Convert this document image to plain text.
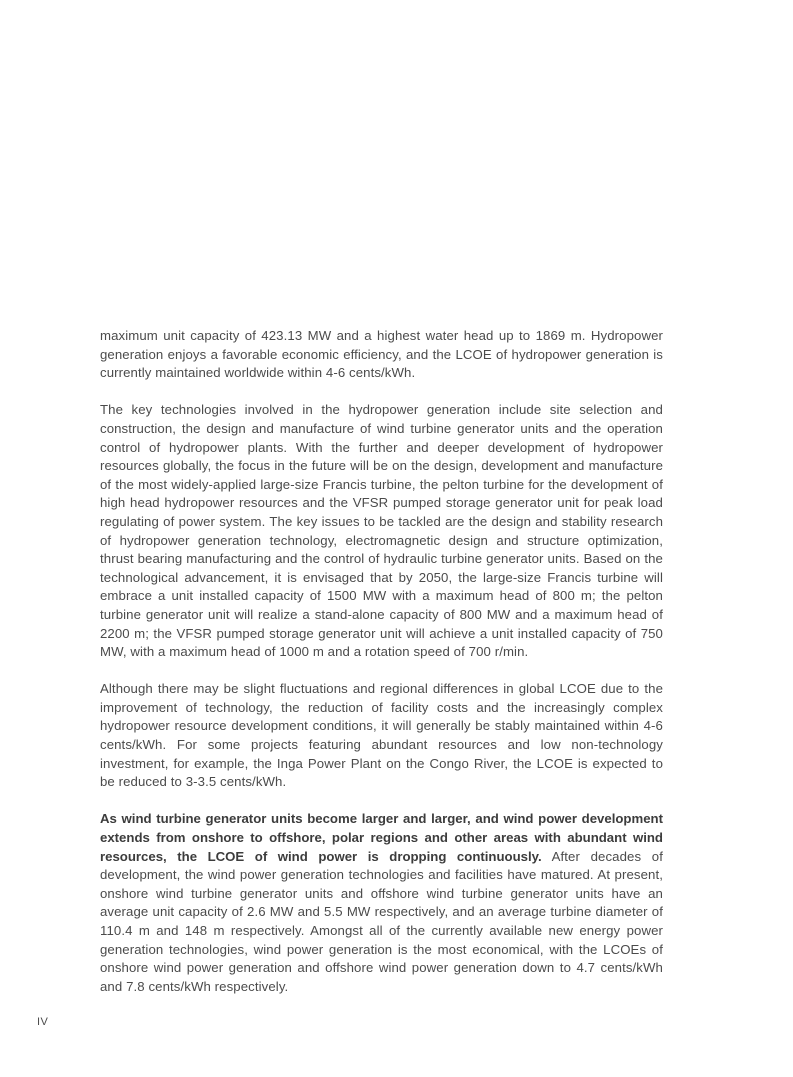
maximum unit capacity of 423.13 MW and a highest water head up to 1869 m. Hydropower generation enjoys a favorable economic efficiency, and the LCOE of hydropower generation is currently maintained worldwide within 4-6 cents/kWh.

The key technologies involved in the hydropower generation include site selection and construction, the design and manufacture of wind turbine generator units and the operation control of hydropower plants. With the further and deeper development of hydropower resources globally, the focus in the future will be on the design, development and manufacture of the most widely-applied large-size Francis turbine, the pelton turbine for the development of high head hydropower resources and the VFSR pumped storage generator unit for peak load regulating of power system. The key issues to be tackled are the design and stability research of hydropower generation technology, electromagnetic design and structure optimization, thrust bearing manufacturing and the control of hydraulic turbine generator units. Based on the technological advancement, it is envisaged that by 2050, the large-size Francis turbine will embrace a unit installed capacity of 1500 MW with a maximum head of 800 m; the pelton turbine generator unit will realize a stand-alone capacity of 800 MW and a maximum head of 2200 m; the VFSR pumped storage generator unit will achieve a unit installed capacity of 750 MW, with a maximum head of 1000 m and a rotation speed of 700 r/min.

Although there may be slight fluctuations and regional differences in global LCOE due to the improvement of technology, the reduction of facility costs and the increasingly complex hydropower resource development conditions, it will generally be stably maintained within 4-6 cents/kWh. For some projects featuring abundant resources and low non-technology investment, for example, the Inga Power Plant on the Congo River, the LCOE is expected to be reduced to 3-3.5 cents/kWh.

As wind turbine generator units become larger and larger, and wind power development extends from onshore to offshore, polar regions and other areas with abundant wind resources, the LCOE of wind power is dropping continuously. After decades of development, the wind power generation technologies and facilities have matured. At present, onshore wind turbine generator units and offshore wind turbine generator units have an average unit capacity of 2.6 MW and 5.5 MW respectively, and an average turbine diameter of 110.4 m and 148 m respectively. Amongst all of the currently available new energy power generation technologies, wind power generation is the most economical, with the LCOEs of onshore wind power generation and offshore wind power generation down to 4.7 cents/kWh and 7.8 cents/kWh respectively.

IV
